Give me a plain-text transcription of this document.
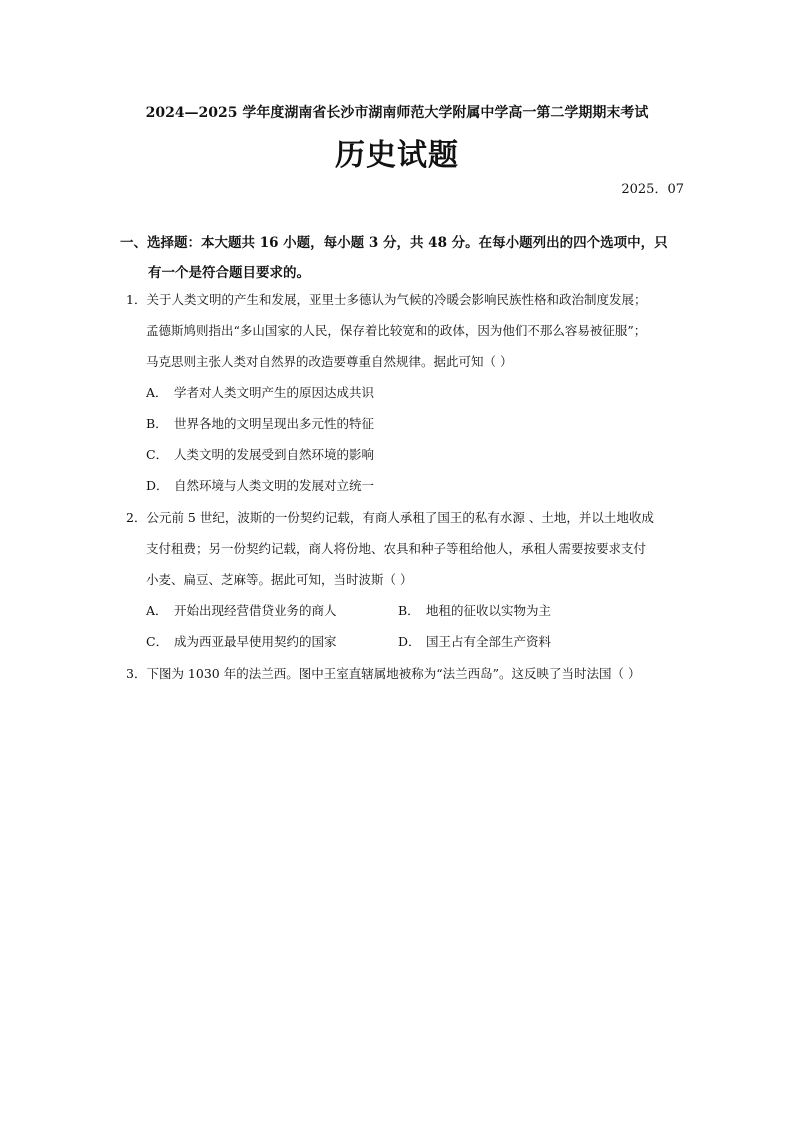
2024—2025 学年度湖南省长沙市湖南师范大学附属中学高一第二学期期末考试
历史试题
2025．07
一、选择题：本大题共 16 小题，每小题 3 分，共 48 分。在每小题列出的四个选项中，只
有一个是符合题目要求的。
1．关于人类文明的产生和发展，亚里士多德认为气候的冷暖会影响民族性格和政治制度发展；
孟德斯鸠则指出“多山国家的人民，保存着比较宽和的政体，因为他们不那么容易被征服”；
马克思则主张人类对自然界的改造要尊重自然规律。据此可知（ ）
A． 学者对人类文明产生的原因达成共识
B． 世界各地的文明呈现出多元性的特征
C． 人类文明的发展受到自然环境的影响
D． 自然环境与人类文明的发展对立统一
2．公元前 5 世纪，波斯的一份契约记载，有商人承租了国王的私有水源 、土地，并以土地收成
支付租费；另一份契约记载，商人将份地、农具和种子等租给他人，承租人需要按要求支付
小麦、扁豆、芝麻等。据此可知，当时波斯（ ）
A． 开始出现经营借贷业务的商人	B． 地租的征收以实物为主
C． 成为西亚最早使用契约的国家	D． 国王占有全部生产资料
3．下图为 1030 年的法兰西。图中王室直辖属地被称为“法兰西岛”。这反映了当时法国（ ）
